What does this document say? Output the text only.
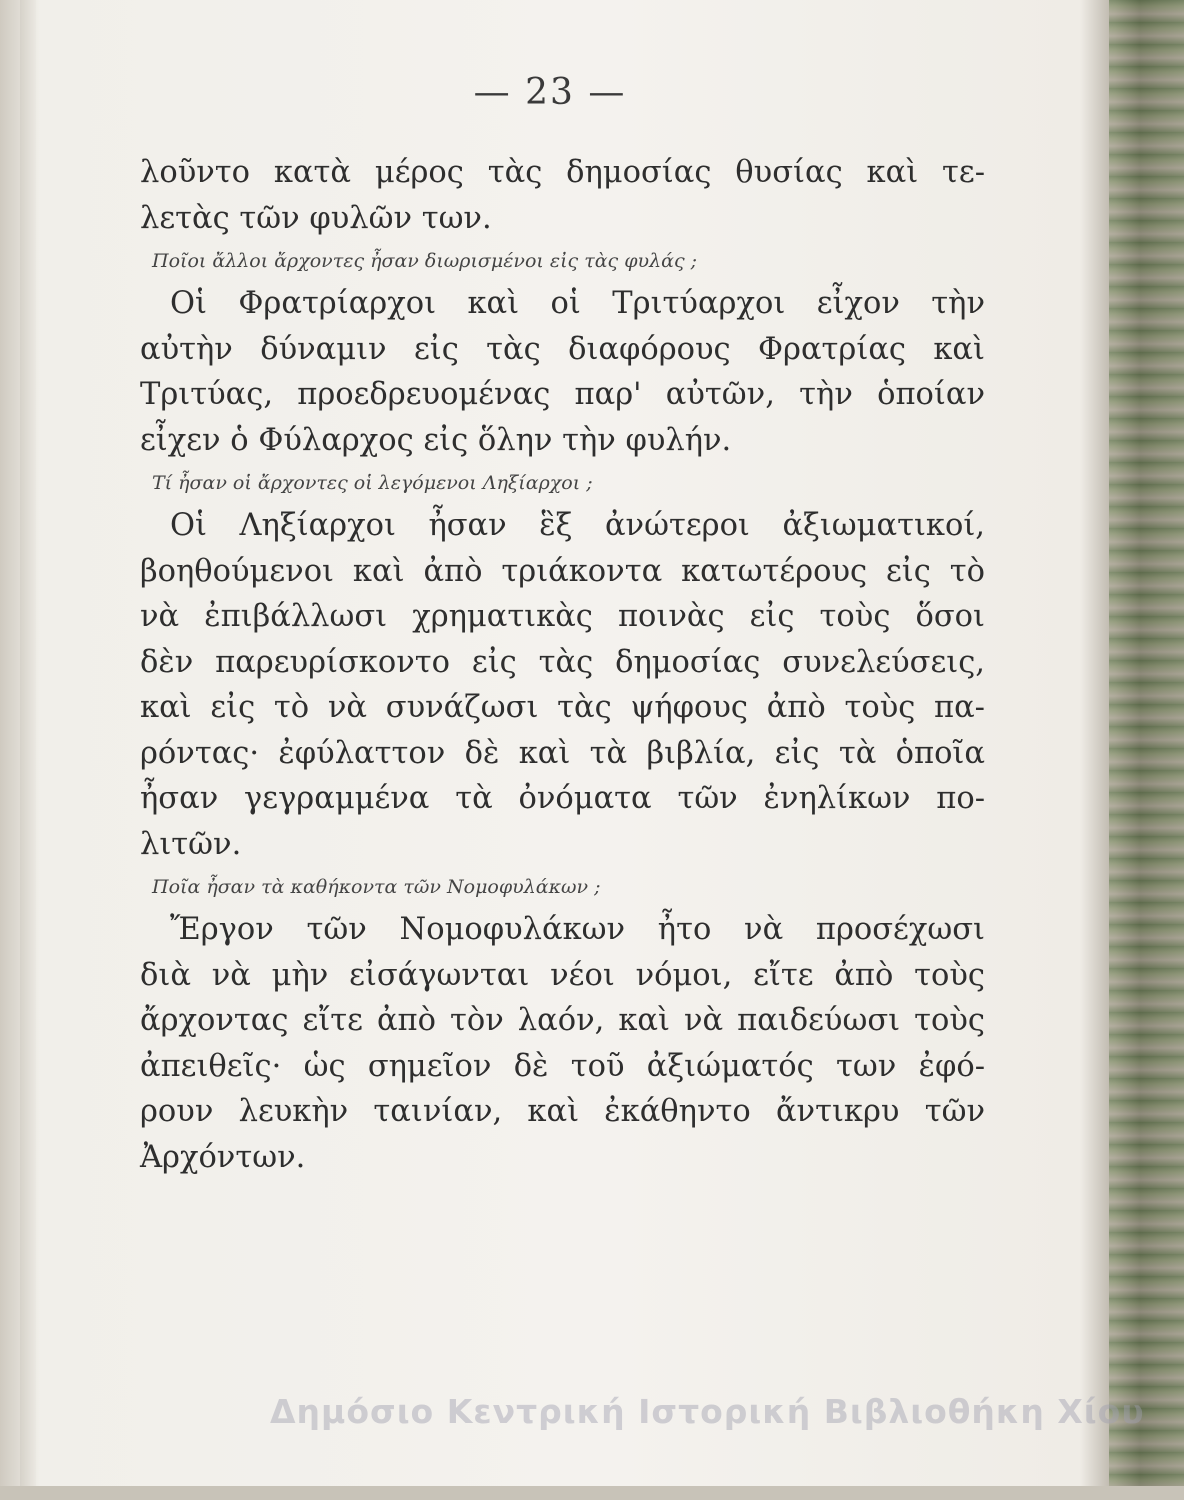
— 23 —
λοῦντο κατὰ μέρος τὰς δημοσίας θυσίας καὶ τε-
λετὰς τῶν φυλῶν των.
Ποῖοι ἄλλοι ἄρχοντες ἦσαν διωρισμένοι εἰς τὰς φυλάς ;
Οἱ Φρατρίαρχοι καὶ οἱ Τριτύαρχοι εἶχον τὴν
αὐτὴν δύναμιν εἰς τὰς διαφόρους Φρατρίας καὶ
Τριτύας, προεδρευομένας παρ' αὐτῶν, τὴν ὁποίαν
εἶχεν ὁ Φύλαρχος εἰς ὅλην τὴν φυλήν.
Τί ἦσαν οἱ ἄρχοντες οἱ λεγόμενοι Ληξίαρχοι ;
Οἱ Ληξίαρχοι ἦσαν ἓξ ἀνώτεροι ἀξιωματικοί,
βοηθούμενοι καὶ ἀπὸ τριάκοντα κατωτέρους εἰς τὸ
νὰ ἐπιβάλλωσι χρηματικὰς ποινὰς εἰς τοὺς ὅσοι
δὲν παρευρίσκοντο εἰς τὰς δημοσίας συνελεύσεις,
καὶ εἰς τὸ νὰ συνάζωσι τὰς ψήφους ἀπὸ τοὺς πα-
ρόντας· ἐφύλαττον δὲ καὶ τὰ βιβλία, εἰς τὰ ὁποῖα
ἦσαν γεγραμμένα τὰ ὀνόματα τῶν ἐνηλίκων πο-
λιτῶν.
Ποῖα ἦσαν τὰ καθήκοντα τῶν Νομοφυλάκων ;
Ἔργον τῶν Νομοφυλάκων ἦτο νὰ προσέχωσι
διὰ νὰ μὴν εἰσάγωνται νέοι νόμοι, εἴτε ἀπὸ τοὺς
ἄρχοντας εἴτε ἀπὸ τὸν λαόν, καὶ νὰ παιδεύωσι τοὺς
ἀπειθεῖς· ὡς σημεῖον δὲ τοῦ ἀξιώματός των ἐφό-
ρουν λευκὴν ταινίαν, καὶ ἐκάθηντο ἄντικρυ τῶν
Ἀρχόντων.
Δημόσιο Κεντρική Ιστορική Βιβλιοθήκη Χίου
